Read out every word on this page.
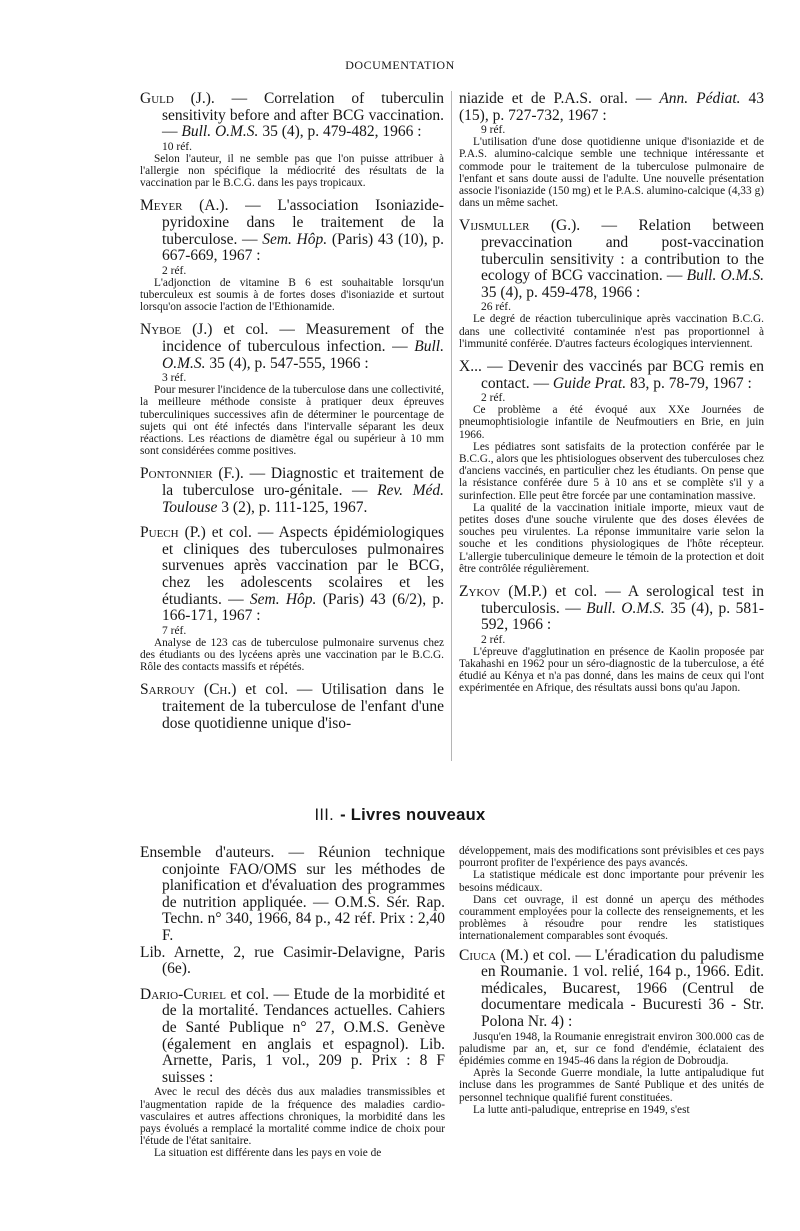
DOCUMENTATION
Guld (J.). — Correlation of tuberculin sensitivity before and after BCG vaccination. — Bull. O.M.S. 35 (4), p. 479-482, 1966 :
10 réf.

Selon l'auteur, il ne semble pas que l'on puisse attribuer à l'allergie non spécifique la médiocrité des résultats de la vaccination par le B.C.G. dans les pays tropicaux.

Meyer (A.). — L'association Isoniazide-pyridoxine dans le traitement de la tuberculose. — Sem. Hôp. (Paris) 43 (10), p. 667-669, 1967 :
2 réf.

L'adjonction de vitamine B 6 est souhaitable lorsqu'un tuberculeux est soumis à de fortes doses d'isoniazide et surtout lorsqu'on associe l'action de l'Ethionamide.

Nyboe (J.) et col. — Measurement of the incidence of tuberculous infection. — Bull. O.M.S. 35 (4), p. 547-555, 1966 :
3 réf.

Pour mesurer l'incidence de la tuberculose dans une collectivité, la meilleure méthode consiste à pratiquer deux épreuves tuberculiniques successives afin de déterminer le pourcentage de sujets qui ont été infectés dans l'intervalle séparant les deux réactions. Les réactions de diamètre égal ou supérieur à 10 mm sont considérées comme positives.

Pontonnier (F.). — Diagnostic et traitement de la tuberculose uro-génitale. — Rev. Méd. Toulouse 3 (2), p. 111-125, 1967.
Puech (P.) et col. — Aspects épidémiologiques et cliniques des tuberculoses pulmonaires survenues après vaccination par le BCG, chez les adolescents scolaires et les étudiants. — Sem. Hôp. (Paris) 43 (6/2), p. 166-171, 1967 :
7 réf.

Analyse de 123 cas de tuberculose pulmonaire survenus chez des étudiants ou des lycéens après une vaccination par le B.C.G. Rôle des contacts massifs et répétés.

Sarrouy (Ch.) et col. — Utilisation dans le traitement de la tuberculose de l'enfant d'une dose quotidienne unique d'iso-
niazide et de P.A.S. oral. — Ann. Pédiat. 43 (15), p. 727-732, 1967 :
9 réf.

L'utilisation d'une dose quotidienne unique d'isoniazide et de P.A.S. alumino-calcique semble une technique intéressante et commode pour le traitement de la tuberculose pulmonaire de l'enfant et sans doute aussi de l'adulte. Une nouvelle présentation associe l'isoniazide (150 mg) et le P.A.S. alumino-calcique (4,33 g) dans un même sachet.

Vijsmuller (G.). — Relation between prevaccination and post-vaccination tuberculin sensitivity : a contribution to the ecology of BCG vaccination. — Bull. O.M.S. 35 (4), p. 459-478, 1966 :
26 réf.

Le degré de réaction tuberculinique après vaccination B.C.G. dans une collectivité contaminée n'est pas proportionnel à l'immunité conférée. D'autres facteurs écologiques interviennent.

X... — Devenir des vaccinés par BCG remis en contact. — Guide Prat. 83, p. 78-79, 1967 :
2 réf.

Ce problème a été évoqué aux XXe Journées de pneumophtisiologie infantile de Neufmoutiers en Brie, en juin 1966.

Les pédiatres sont satisfaits de la protection conférée par le B.C.G., alors que les phtisiologues observent des tuberculoses chez d'anciens vaccinés, en particulier chez les étudiants. On pense que la résistance conférée dure 5 à 10 ans et se complète s'il y a surinfection. Elle peut être forcée par une contamination massive.

La qualité de la vaccination initiale importe, mieux vaut de petites doses d'une souche virulente que des doses élevées de souches peu virulentes. La réponse immunitaire varie selon la souche et les conditions physiologiques de l'hôte récepteur. L'allergie tuberculinique demeure le témoin de la protection et doit être contrôlée régulièrement.

Zykov (M.P.) et col. — A serological test in tuberculosis. — Bull. O.M.S. 35 (4), p. 581-592, 1966 :
2 réf.

L'épreuve d'agglutination en présence de Kaolin proposée par Takahashi en 1962 pour un séro-diagnostic de la tuberculose, a été étudié au Kénya et n'a pas donné, dans les mains de ceux qui l'ont expérimentée en Afrique, des résultats aussi bons qu'au Japon.

III. - Livres nouveaux
Ensemble d'auteurs. — Réunion technique conjointe FAO/OMS sur les méthodes de planification et d'évaluation des programmes de nutrition appliquée. — O.M.S. Sér. Rap. Techn. n° 340, 1966, 84 p., 42 réf. Prix : 2,40 F.
Lib. Arnette, 2, rue Casimir-Delavigne, Paris (6e).
Dario-Curiel et col. — Etude de la morbidité et de la mortalité. Tendances actuelles. Cahiers de Santé Publique n° 27, O.M.S. Genève (également en anglais et espagnol). Lib. Arnette, Paris, 1 vol., 209 p. Prix : 8 F suisses :

Avec le recul des décès dus aux maladies transmissibles et l'augmentation rapide de la fréquence des maladies cardio-vasculaires et autres affections chroniques, la morbidité dans les pays évolués a remplacé la mortalité comme indice de choix pour l'étude de l'état sanitaire.

La situation est différente dans les pays en voie de

développement, mais des modifications sont prévisibles et ces pays pourront profiter de l'expérience des pays avancés.

La statistique médicale est donc importante pour prévenir les besoins médicaux.

Dans cet ouvrage, il est donné un aperçu des méthodes couramment employées pour la collecte des renseignements, et les problèmes à résoudre pour rendre les statistiques internationalement comparables sont évoqués.

Ciuca (M.) et col. — L'éradication du paludisme en Roumanie. 1 vol. relié, 164 p., 1966. Edit. médicales, Bucarest, 1966 (Centrul de documentare medicala - Bucuresti 36 - Str. Polona Nr. 4) :

Jusqu'en 1948, la Roumanie enregistrait environ 300.000 cas de paludisme par an, et, sur ce fond d'endémie, éclataient des épidémies comme en 1945-46 dans la région de Dobroudja.

Après la Seconde Guerre mondiale, la lutte antipaludique fut incluse dans les programmes de Santé Publique et des unités de personnel technique qualifié furent constituées.

La lutte anti-paludique, entreprise en 1949, s'est
